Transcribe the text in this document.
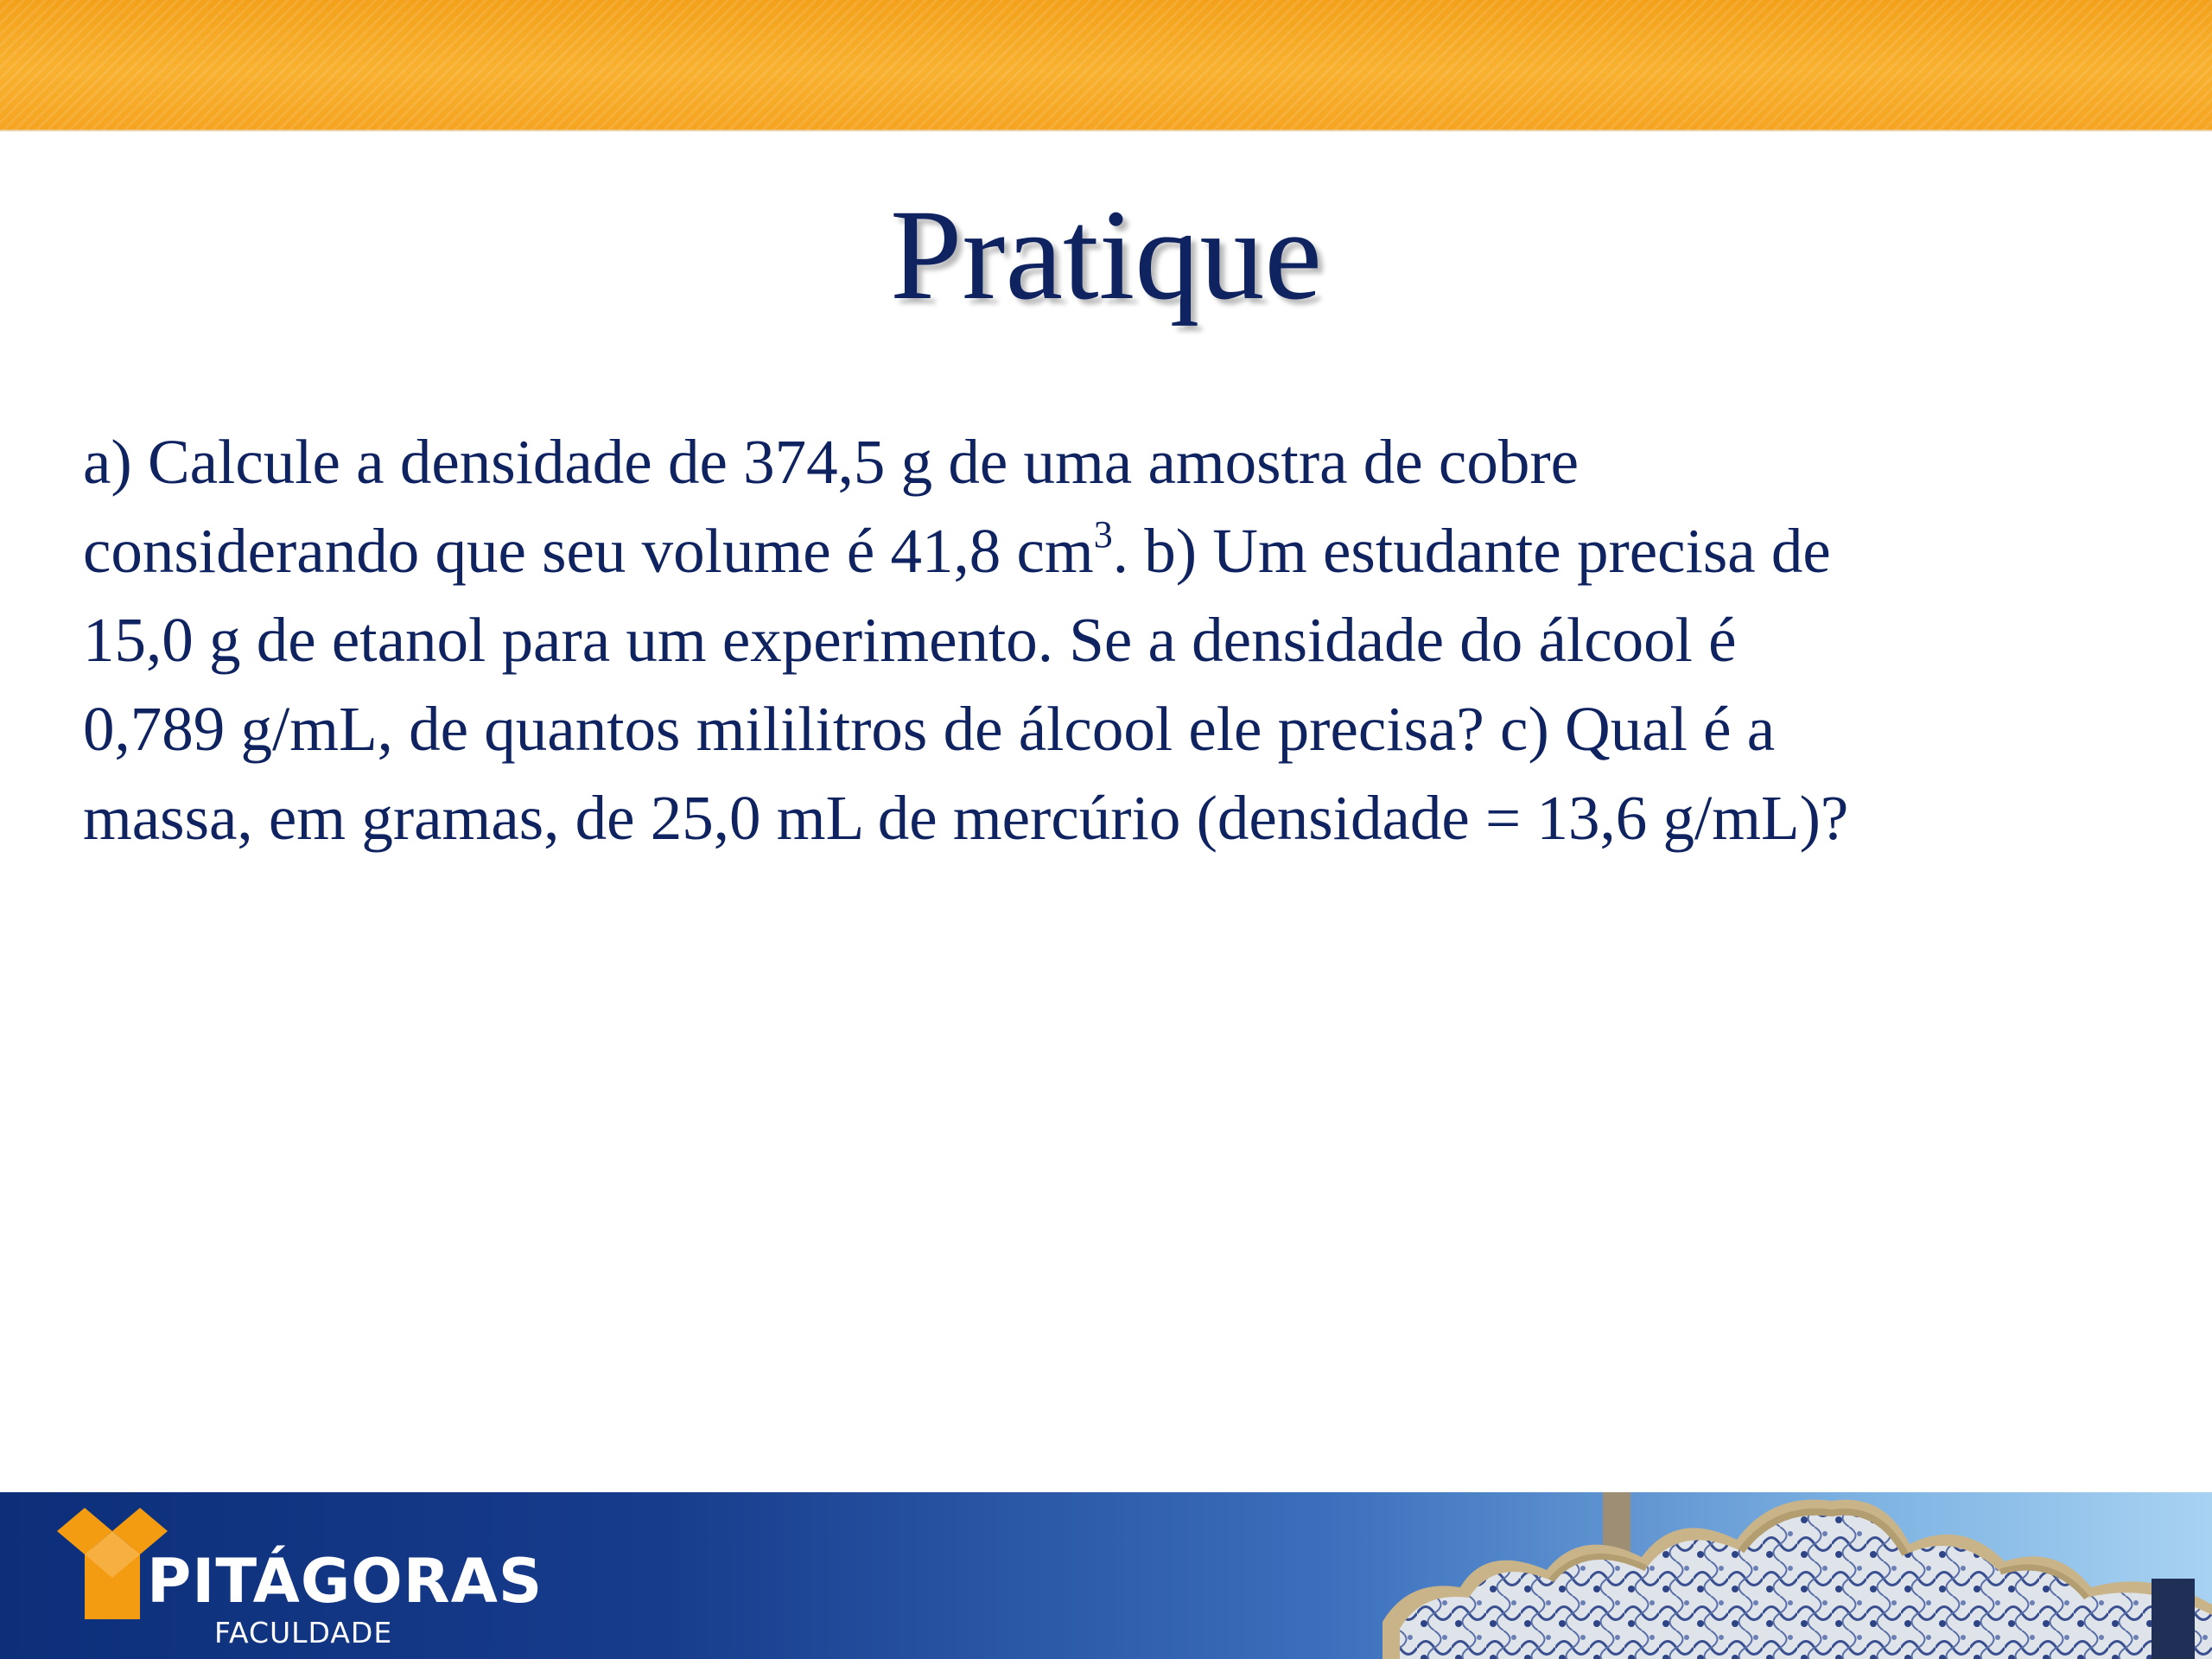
Pratique
a) Calcule a densidade de 374,5 g de uma amostra de cobre
considerando que seu volume é 41,8 $cm^3$. b) Um estudante precisa de
15,0 g de etanol para um experimento. Se a densidade do álcool é
0,789 g/mL, de quantos mililitros de álcool ele precisa? c) Qual é a
massa, em gramas, de 25,0 mL de mercúrio (densidade = 13,6 g/mL)?
PITÁGORAS
FACULDADE
